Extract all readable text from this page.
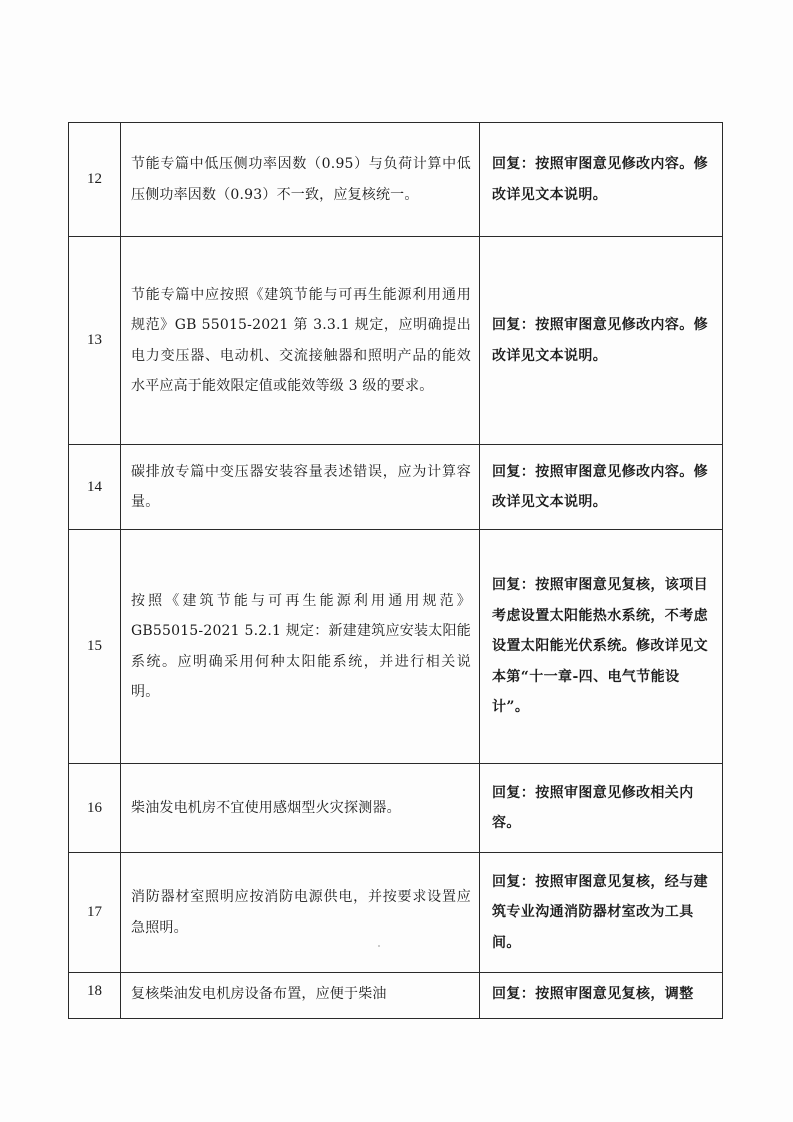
12	节能专篇中低压侧功率因数（0.95）与负荷计算中低压侧功率因数（0.93）不一致，应复核统一。	回复：按照审图意见修改内容。修改详见文本说明。
13	节能专篇中应按照《建筑节能与可再生能源利用通用规范》GB 55015-2021 第 3.3.1 规定，应明确提出电力变压器、电动机、交流接触器和照明产品的能效水平应高于能效限定值或能效等级 3 级的要求。	回复：按照审图意见修改内容。修改详见文本说明。
14	碳排放专篇中变压器安装容量表述错误，应为计算容量。	回复：按照审图意见修改内容。修改详见文本说明。
15	按照《建筑节能与可再生能源利用通用规范》GB55015-2021 5.2.1 规定：新建建筑应安装太阳能系统。应明确采用何种太阳能系统，并进行相关说明。	回复：按照审图意见复核，该项目考虑设置太阳能热水系统，不考虑设置太阳能光伏系统。修改详见文本第“十一章-四、电气节能设计”。
16	柴油发电机房不宜使用感烟型火灾探测器。	回复：按照审图意见修改相关内容。
17	消防器材室照明应按消防电源供电，并按要求设置应急照明。	回复：按照审图意见复核，经与建筑专业沟通消防器材室改为工具间。
18	复核柴油发电机房设备布置，应便于柴油	回复：按照审图意见复核，调整
